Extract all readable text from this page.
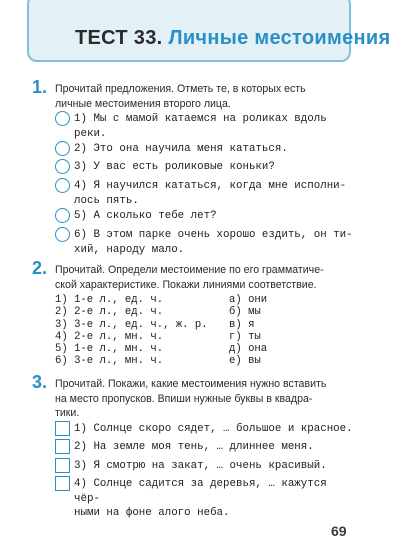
ТЕСТ 33. Личные местоимения
1. Прочитай предложения. Отметь те, в которых есть
личные местоимения второго лица.
1) Мы с мамой катаемся на роликах вдоль
реки.
2) Это она научила меня кататься.
3) У вас есть роликовые коньки?
4) Я научился кататься, когда мне исполни-
лось пять.
5) А сколько тебе лет?
6) В этом парке очень хорошо ездить, он ти-
хий, народу мало.
2. Прочитай. Определи местоимение по его грамматиче-
ской характеристике. Покажи линиями соответствие.
1) 1-е л., ед. ч.
2) 2-е л., ед. ч.
3) 3-е л., ед. ч., ж. р.
4) 2-е л., мн. ч.
5) 1-е л., мн. ч.
6) 3-е л., мн. ч.
а) они
б) мы
в) я
г) ты
д) она
е) вы
3. Прочитай. Покажи, какие местоимения нужно вставить
на место пропусков. Впиши нужные буквы в квадра-
тики.
1) Солнце скоро сядет, … большое и красное.
2) На земле моя тень, … длиннее меня.
3) Я смотрю на закат, … очень красивый.
4) Солнце садится за деревья, … кажутся чёр-
ными на фоне алого неба.
69
